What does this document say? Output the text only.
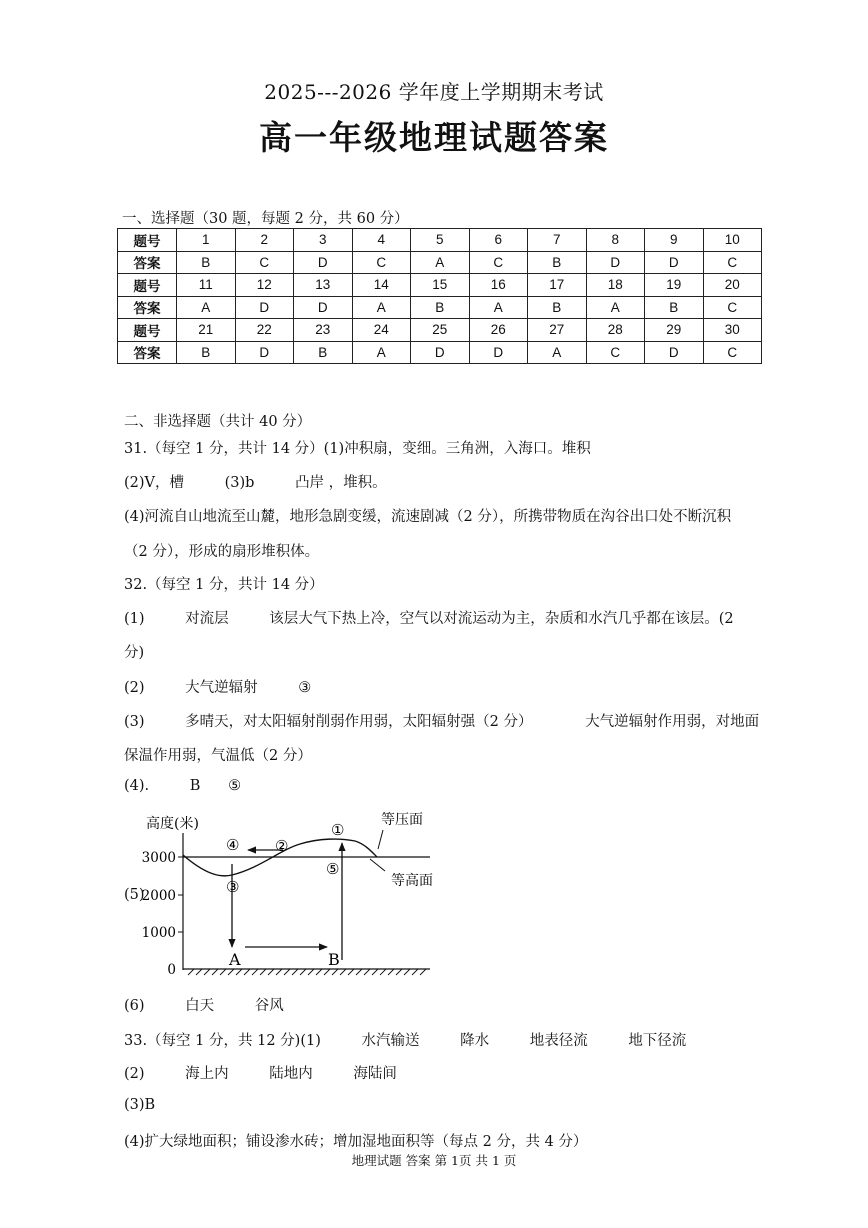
2025---2026 学年度上学期期末考试
高一年级地理试题答案
一、选择题（30 题，每题 2 分，共 60 分）
题号	1	2	3	4	5	6	7	8	9	10
答案	B	C	D	C	A	C	B	D	D	C
题号	11	12	13	14	15	16	17	18	19	20
答案	A	D	D	A	B	A	B	A	B	C
题号	21	22	23	24	25	26	27	28	29	30
答案	B	D	B	A	D	D	A	C	D	C
二、非选择题（共计 40 分）
31.（每空 1 分，共计 14 分）(1)冲积扇，变细。三角洲，入海口。堆积
(2)V，槽	(3)b	凸岸 ，堆积。
(4)河流自山地流至山麓，地形急剧变缓，流速剧减（2 分），所携带物质在沟谷出口处不断沉积
（2 分），形成的扇形堆积体。
32.（每空 1 分，共计 14 分）
(1)	对流层	该层大气下热上冷，空气以对流运动为主，杂质和水汽几乎都在该层。(2
分)
(2)	大气逆辐射	③
(3)	多晴天，对太阳辐射削弱作用弱，太阳辐射强（2 分）	大气逆辐射作用弱，对地面
保温作用弱，气温低（2 分）
(4).	B ⑤
高度(米)
3000
2000
1000
0
等压面
等高面
①
②
③
④
⑤
A	B
(5)
(6)	白天	谷风
33.（每空 1 分，共 12 分)(1)	水汽输送	降水	地表径流	地下径流
(2)	海上内	陆地内	海陆间
(3)B
(4)扩大绿地面积；铺设渗水砖；增加湿地面积等（每点 2 分，共 4 分）
地理试题 答案 第 1页 共 1 页
